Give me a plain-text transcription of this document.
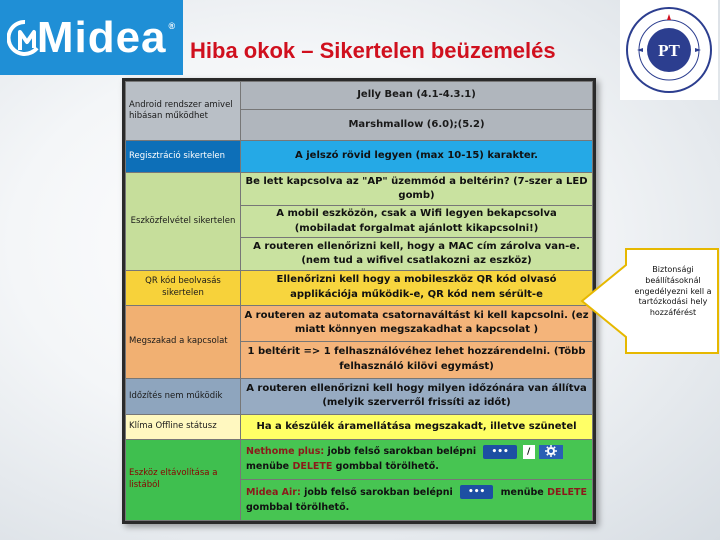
Midea ®
Hiba okok – Sikertelen beüzemelés	PT
Android rendszer amivel hibásan működhet	Jelly Bean (4.1-4.3.1)
	Marshmallow (6.0);(5.2)
Regisztráció sikertelen	A jelszó rövid legyen (max 10-15) karakter.
Eszközfelvétel sikertelen	Be lett kapcsolva az "AP" üzemmód a beltérin? (7-szer a LED gomb)
	A mobil eszközön, csak a Wifi legyen bekapcsolva (mobiladat forgalmat ajánlott kikapcsolni!)
	A routeren ellenőrizni kell, hogy a MAC cím zárolva van-e. (nem tud a wifivel csatlakozni az eszköz)
QR kód beolvasás sikertelen	Ellenőrizni kell hogy a mobileszköz QR kód olvasó applikációja működik-e, QR kód nem sérült-e
Megszakad a kapcsolat	A routeren az automata csatornaváltást ki kell kapcsolni. (ez miatt könnyen megszakadhat a kapcsolat )
	1 beltérit => 1 felhasználóvéhez lehet hozzárendelni. (Több felhasználó kilövi egymást)
Időzítés nem működik	A routeren ellenőrizni kell hogy milyen időzónára van állítva (melyik szerverről frissíti az időt)
Klíma Offline státusz	Ha a készülék áramellátása megszakadt, illetve szünetel
Eszköz eltávolítása a listából	Nethome plus: jobb felső sarokban belépni ••• /
menübe DELETE gombbal törölhető.
	Midea Air: jobb felső sarokban belépni ••• menübe DELETE
gombbal törölhető.
Biztonsági beállításoknál engedélyezni kell a tartózkodási hely hozzáférést
